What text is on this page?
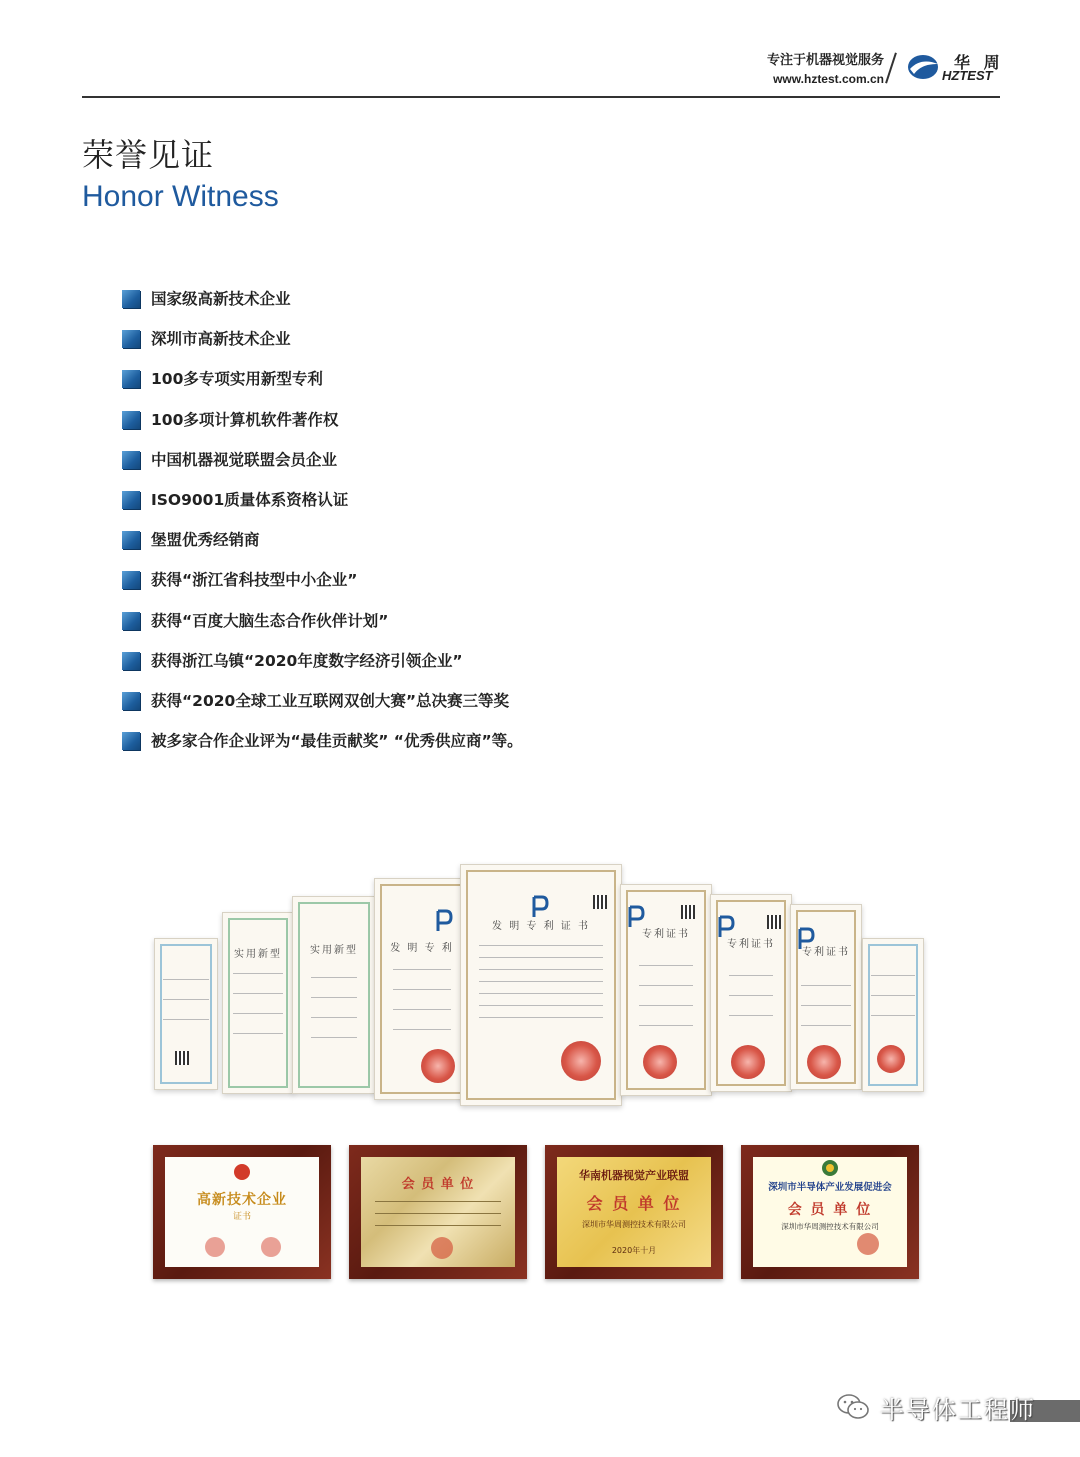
专注于机器视觉服务
www.hztest.com.cn
华 周
HZTEST
荣誉见证
Honor Witness
国家级高新技术企业
深圳市高新技术企业
100多专项实用新型专利
100多项计算机软件著作权
中国机器视觉联盟会员企业
ISO9001质量体系资格认证
堡盟优秀经销商
获得“浙江省科技型中小企业”
获得“百度大脑生态合作伙伴计划”
获得浙江乌镇“2020年度数字经济引领企业”
获得“2020全球工业互联网双创大赛”总决赛三等奖
被多家合作企业评为“最佳贡献奖” “优秀供应商”等。
实用新型	实用新型	发 明 专 利
发 明 专 利 证 书
专利证书
专利证书
专利证书
高新技术企业
证书
会 员 单 位
华南机器视觉产业联盟
会 员 单 位
深圳市华周测控技术有限公司
2020年十月
深圳市半导体产业发展促进会
会 员 单 位
深圳市华周测控技术有限公司
半导体工程师
